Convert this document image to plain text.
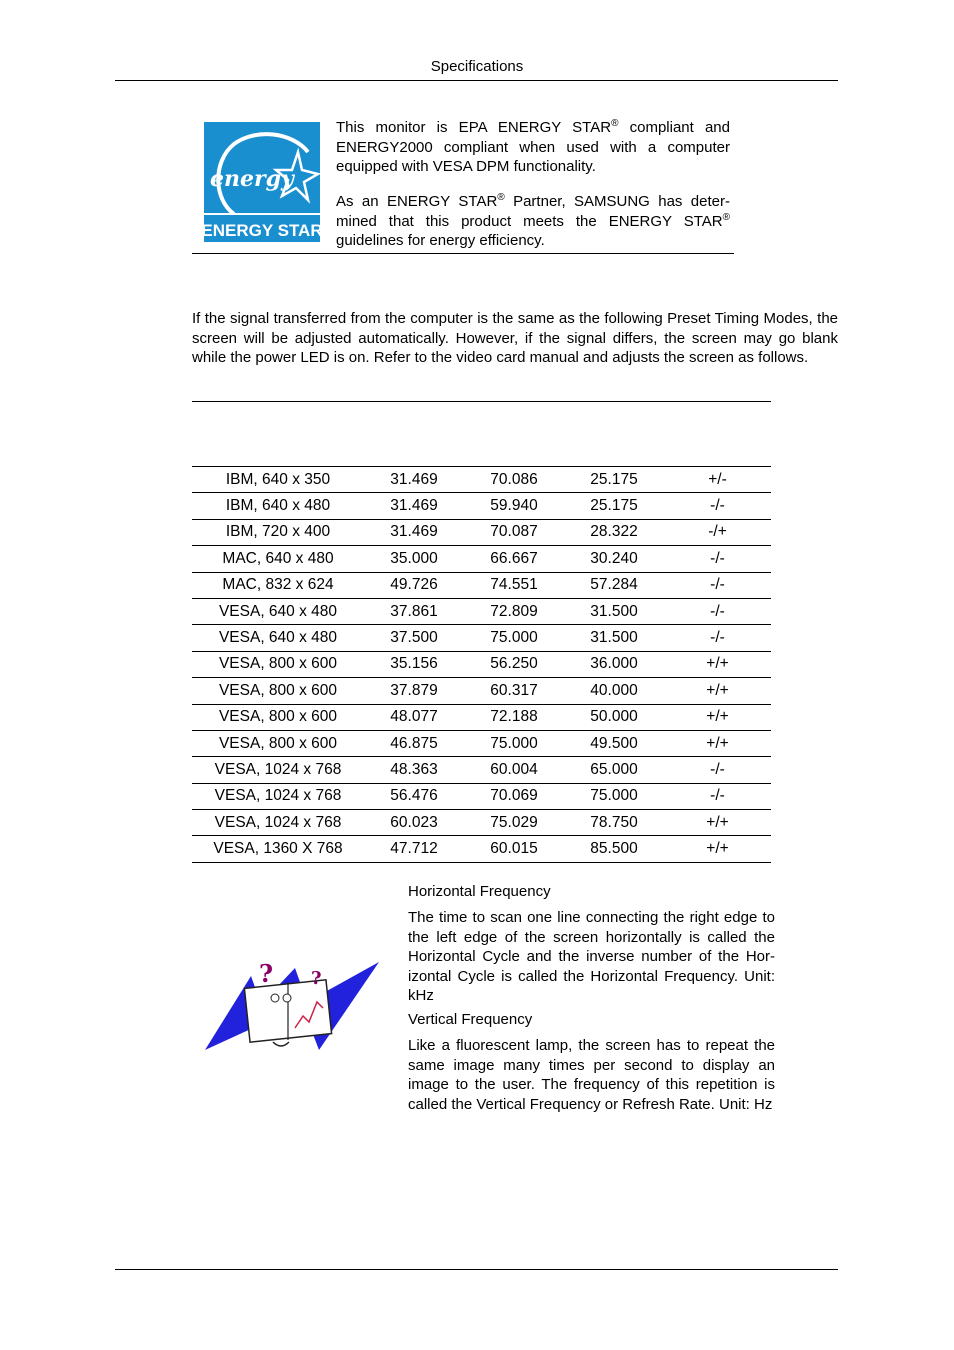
Specifications
energy
ENERGY STAR
This monitor is EPA ENERGY STAR® compliant and ENERGY2000 compliant when used with a computer equipped with VESA DPM functionality.
As an ENERGY STAR® Partner, SAMSUNG has deter-mined that this product meets the ENERGY STAR® guidelines for energy efficiency.
If the signal transferred from the computer is the same as the following Preset Timing Modes, the screen will be adjusted automatically. However, if the signal differs, the screen may go blank while the power LED is on. Refer to the video card manual and adjusts the screen as follows.
IBM, 640 x 350	31.469	70.086	25.175	+/-
IBM, 640 x 480	31.469	59.940	25.175	-/-
IBM, 720 x 400	31.469	70.087	28.322	-/+
MAC, 640 x 480	35.000	66.667	30.240	-/-
MAC, 832 x 624	49.726	74.551	57.284	-/-
VESA, 640 x 480	37.861	72.809	31.500	-/-
VESA, 640 x 480	37.500	75.000	31.500	-/-
VESA, 800 x 600	35.156	56.250	36.000	+/+
VESA, 800 x 600	37.879	60.317	40.000	+/+
VESA, 800 x 600	48.077	72.188	50.000	+/+
VESA, 800 x 600	46.875	75.000	49.500	+/+
VESA, 1024 x 768	48.363	60.004	65.000	-/-
VESA, 1024 x 768	56.476	70.069	75.000	-/-
VESA, 1024 x 768	60.023	75.029	78.750	+/+
VESA, 1360 X 768	47.712	60.015	85.500	+/+
? ?
Horizontal Frequency
The time to scan one line connecting the right edge to the left edge of the screen horizontally is called the Horizontal Cycle and the inverse number of the Hor-izontal Cycle is called the Horizontal Frequency. Unit: kHz
Vertical Frequency
Like a fluorescent lamp, the screen has to repeat the same image many times per second to display an image to the user. The frequency of this repetition is called the Vertical Frequency or Refresh Rate. Unit: Hz
